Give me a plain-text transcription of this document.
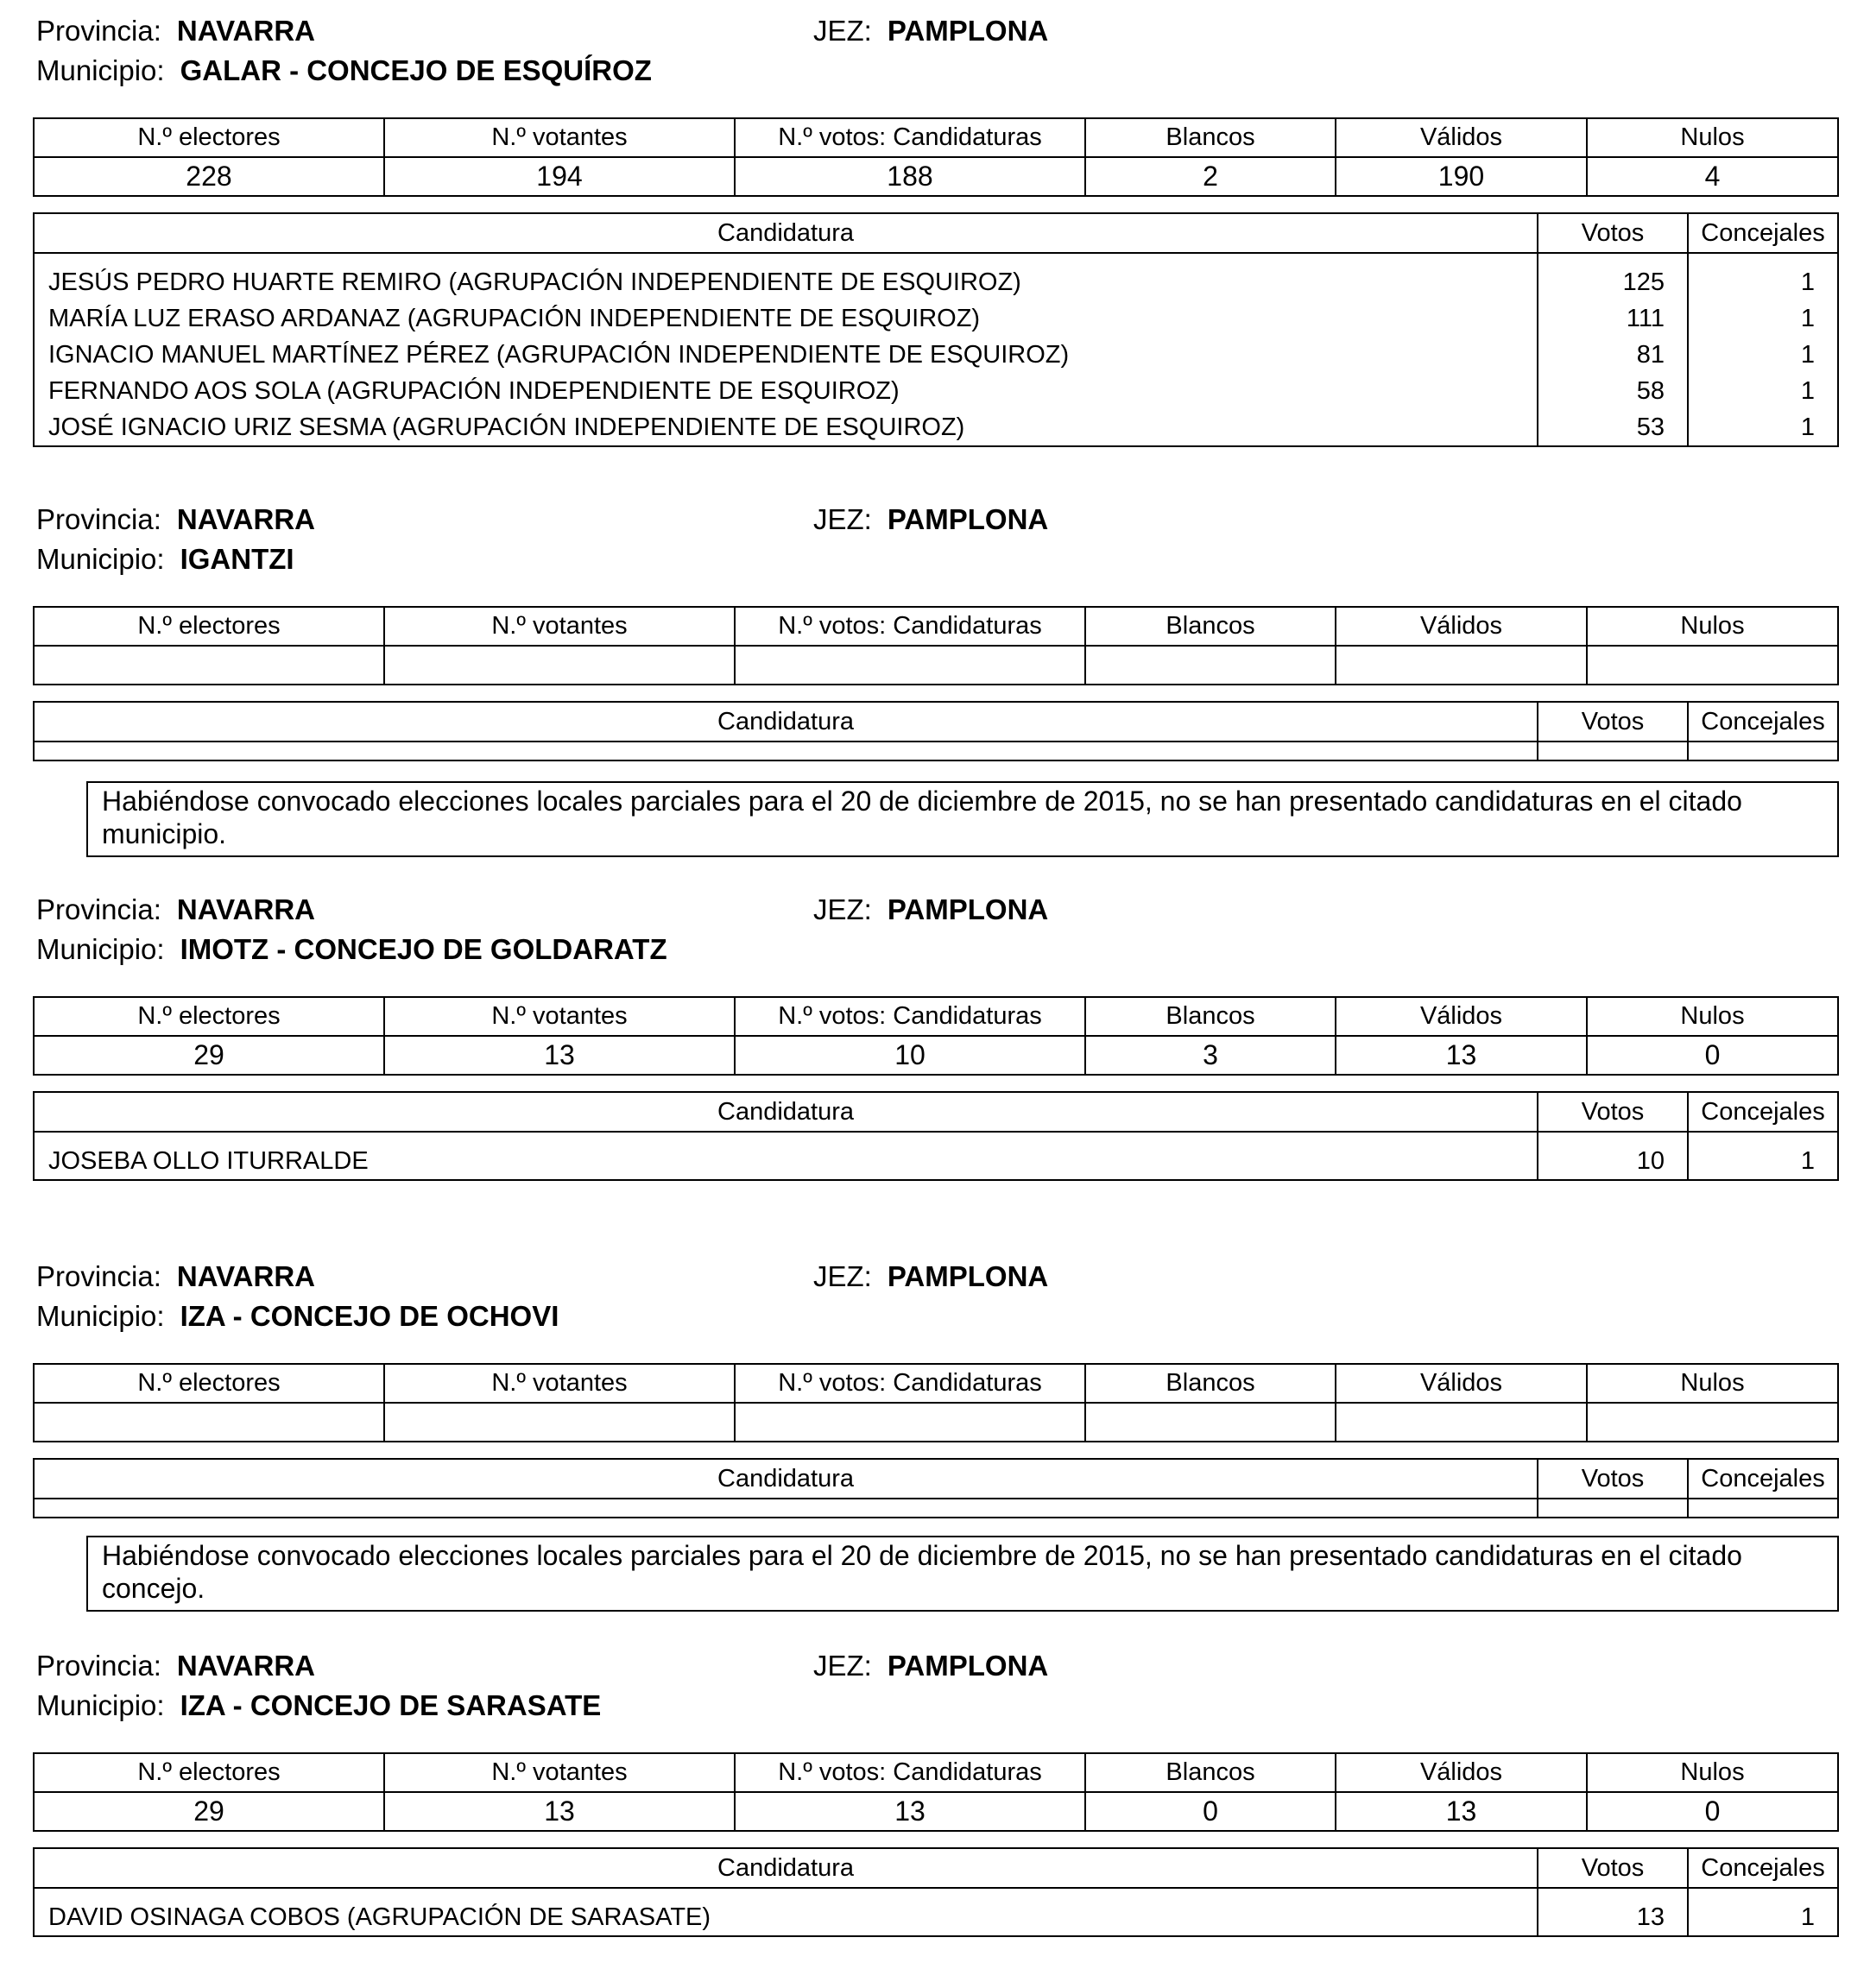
Provincia: NAVARRA	JEZ: PAMPLONA
Municipio: GALAR - CONCEJO DE ESQUÍROZ
N.º electores	N.º votantes	N.º votos: Candidaturas	Blancos	Válidos	Nulos
228	194	188	2	190	4
Candidatura	Votos	Concejales
JESÚS PEDRO HUARTE REMIRO (AGRUPACIÓN INDEPENDIENTE DE ESQUIROZ)	125	1
MARÍA LUZ ERASO ARDANAZ (AGRUPACIÓN INDEPENDIENTE DE ESQUIROZ)	111	1
IGNACIO MANUEL MARTÍNEZ PÉREZ (AGRUPACIÓN INDEPENDIENTE DE ESQUIROZ)	81	1
FERNANDO AOS SOLA (AGRUPACIÓN INDEPENDIENTE DE ESQUIROZ)	58	1
JOSÉ IGNACIO URIZ SESMA (AGRUPACIÓN INDEPENDIENTE DE ESQUIROZ)	53	1
Provincia: NAVARRA	JEZ: PAMPLONA
Municipio: IGANTZI
N.º electores	N.º votantes	N.º votos: Candidaturas	Blancos	Válidos	Nulos

Candidatura	Votos	Concejales

Habiéndose convocado elecciones locales parciales para el 20 de diciembre de 2015, no se han presentado candidaturas en el citado municipio.
Provincia: NAVARRA	JEZ: PAMPLONA
Municipio: IMOTZ - CONCEJO DE GOLDARATZ
N.º electores	N.º votantes	N.º votos: Candidaturas	Blancos	Válidos	Nulos
29	13	10	3	13	0
Candidatura	Votos	Concejales
JOSEBA OLLO ITURRALDE	10	1
Provincia: NAVARRA	JEZ: PAMPLONA
Municipio: IZA - CONCEJO DE OCHOVI
N.º electores	N.º votantes	N.º votos: Candidaturas	Blancos	Válidos	Nulos

Candidatura	Votos	Concejales

Habiéndose convocado elecciones locales parciales para el 20 de diciembre de 2015, no se han presentado candidaturas en el citado concejo.
Provincia: NAVARRA	JEZ: PAMPLONA
Municipio: IZA - CONCEJO DE SARASATE
N.º electores	N.º votantes	N.º votos: Candidaturas	Blancos	Válidos	Nulos
29	13	13	0	13	0
Candidatura	Votos	Concejales
DAVID OSINAGA COBOS (AGRUPACIÓN DE SARASATE)	13	1
